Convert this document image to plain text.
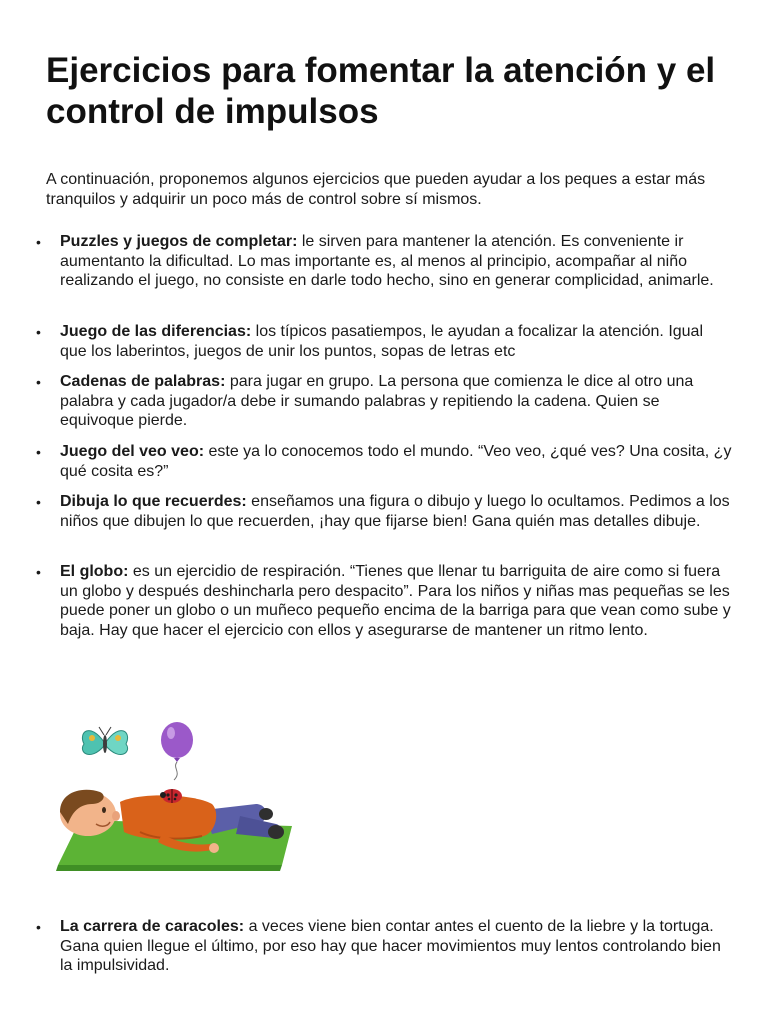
Ejercicios para fomentar la atención y el control de impulsos

A continuación, proponemos algunos ejercicios que pueden ayudar a los peques a estar más tranquilos y adquirir un poco más de control sobre sí mismos.

• Puzzles y juegos de completar: le sirven para mantener la atención. Es conveniente ir aumentanto la dificultad. Lo mas importante es, al menos al principio, acompañar al niño realizando el juego, no consiste en darle todo hecho, sino en generar complicidad, animarle.
• Juego de las diferencias: los típicos pasatiempos, le ayudan a focalizar la atención. Igual que los laberintos, juegos de unir los puntos, sopas de letras etc
• Cadenas de palabras: para jugar en grupo. La persona que comienza le dice al otro una palabra y cada jugador/a debe ir sumando palabras y repitiendo la cadena. Quien se equivoque pierde.
• Juego del veo veo: este ya lo conocemos todo el mundo. “Veo veo, ¿qué ves? Una cosita, ¿y qué cosita es?”
• Dibuja lo que recuerdes: enseñamos una figura o dibujo y luego lo ocultamos. Pedimos a los niños que dibujen lo que recuerden, ¡hay que fijarse bien! Gana quién mas detalles dibuje.
• El globo: es un ejercidio de respiración. “Tienes que llenar tu barriguita de aire como si fuera un globo y después deshincharla pero despacito”. Para los niños y niñas mas pequeñas se les puede poner un globo o un muñeco pequeño encima de la barriga para que vean como sube y baja. Hay que hacer el ejercicio con ellos y asegurarse de mantener un ritmo lento.
• La carrera de caracoles: a veces viene bien contar antes el cuento de la liebre y la tortuga. Gana quien llegue el último, por eso hay que hacer movimientos muy lentos controlando bien la impulsividad.
